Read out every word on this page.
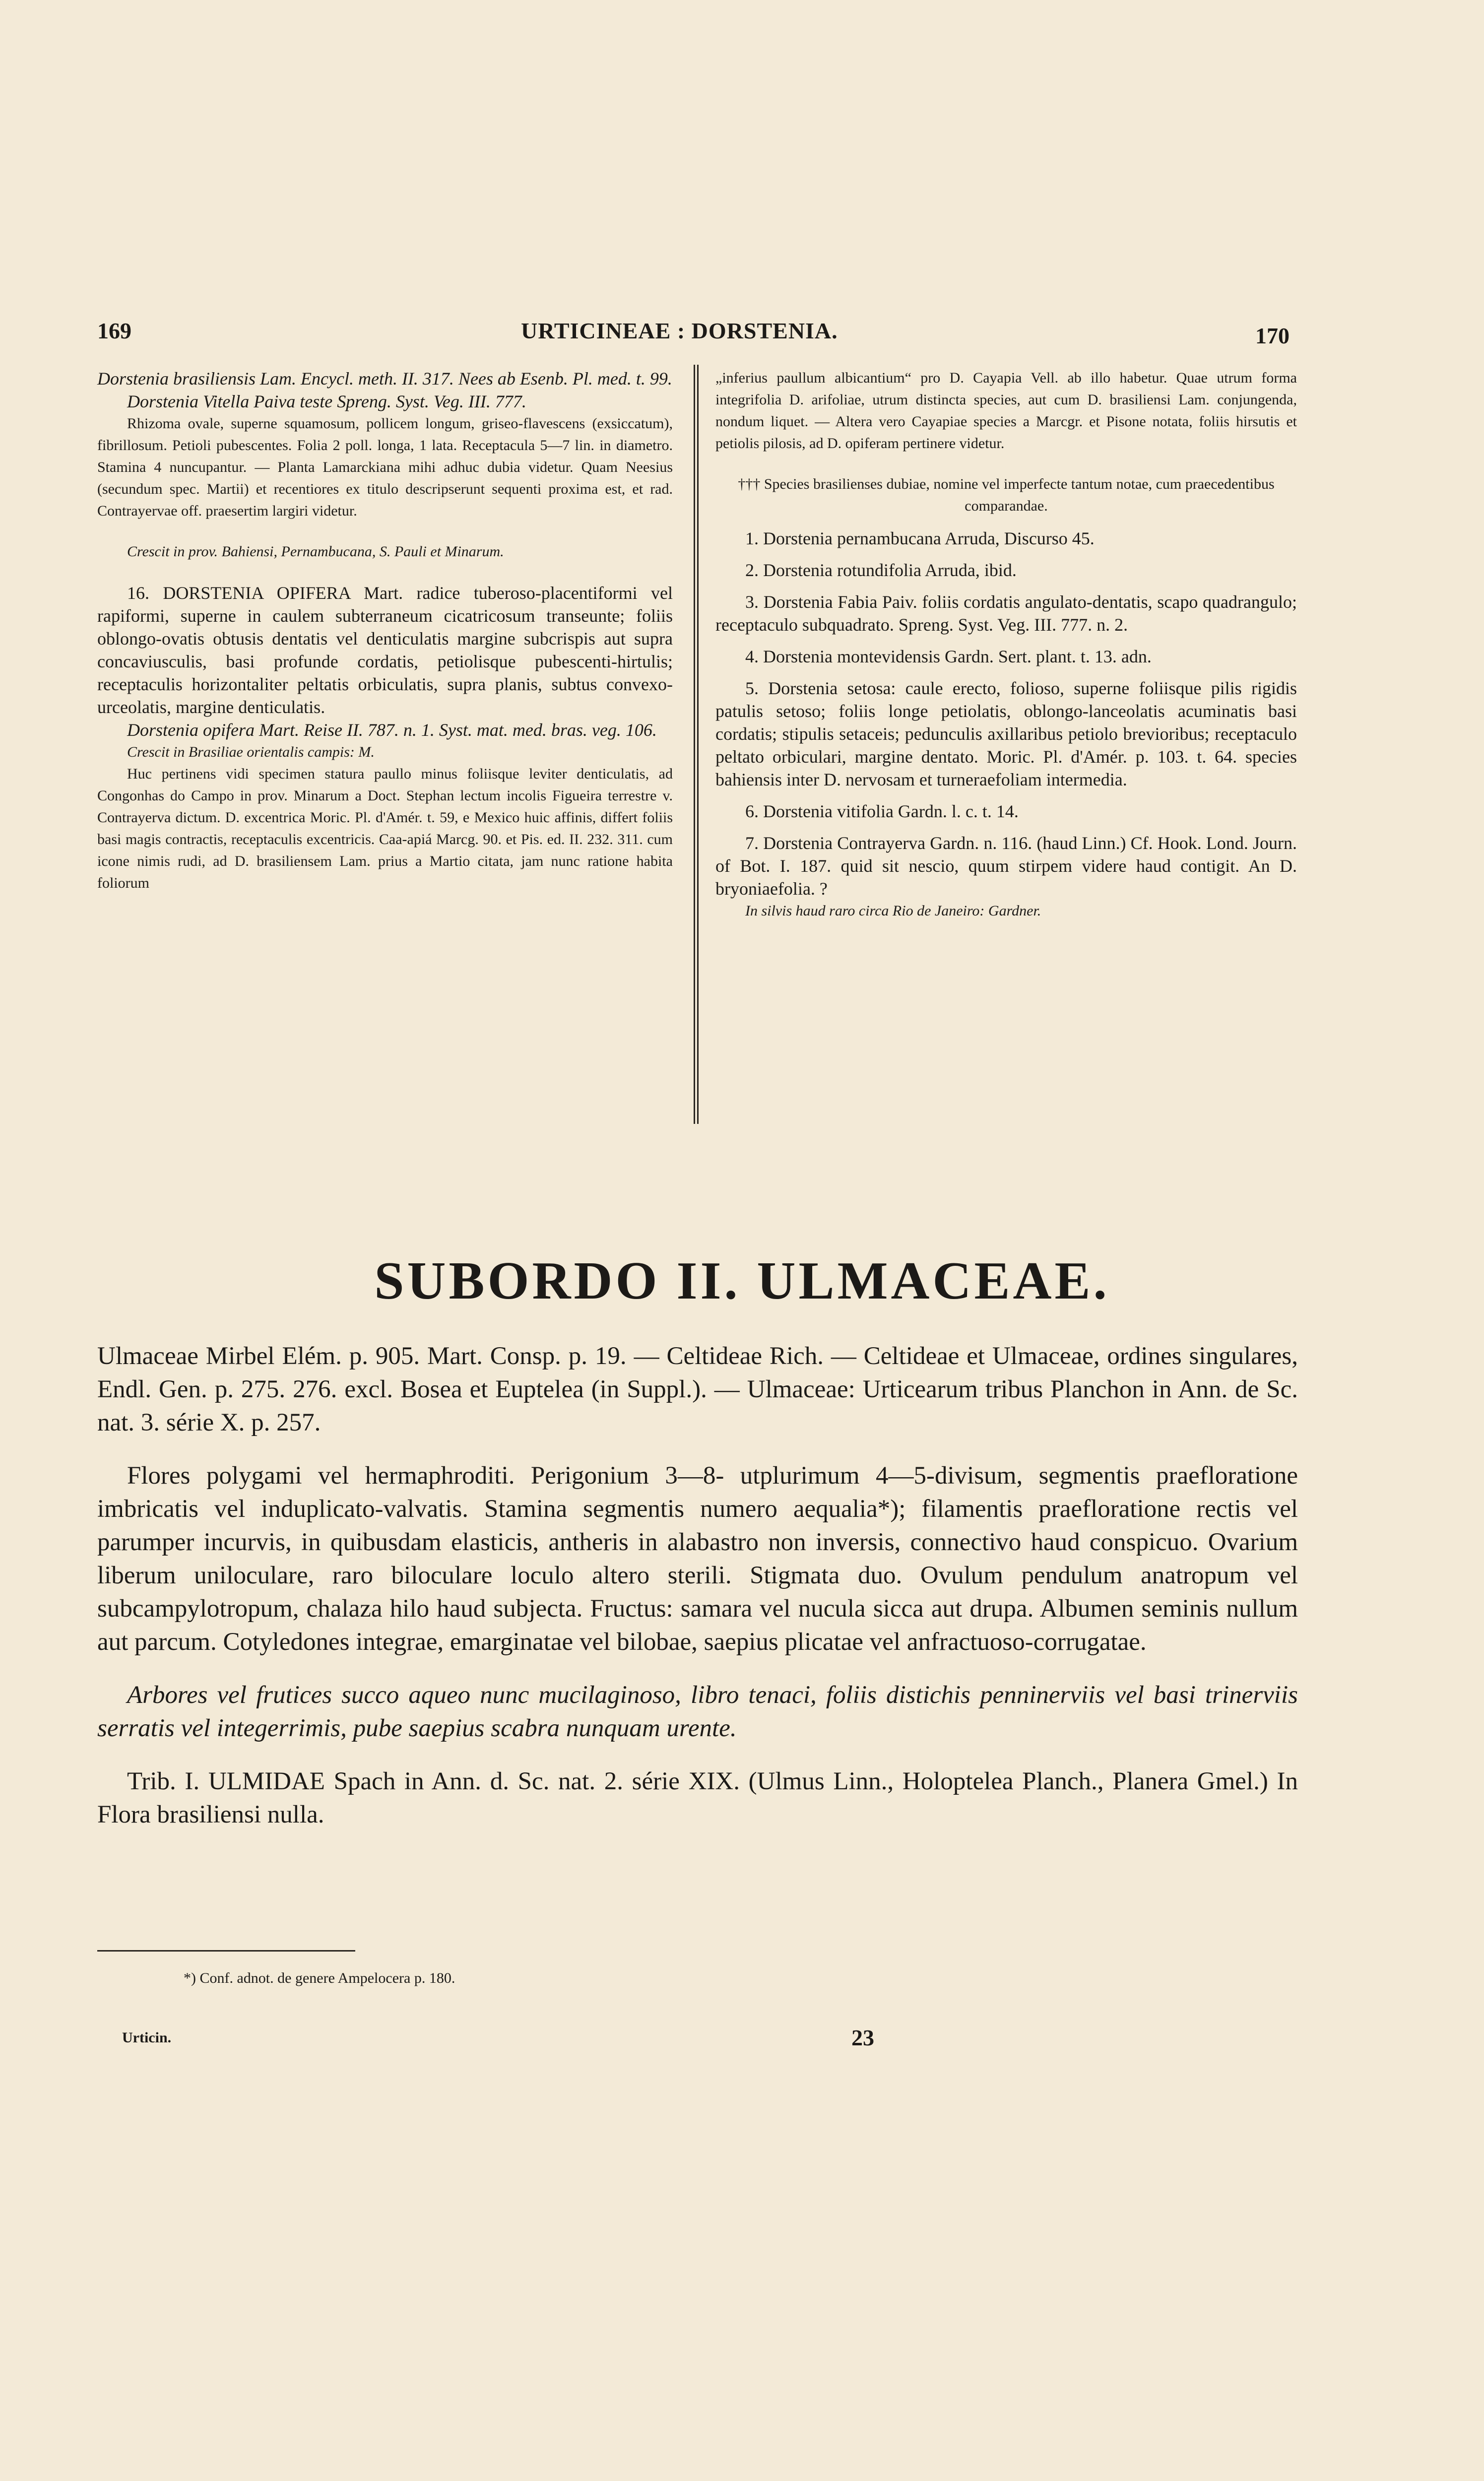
169	URTICINEAE : DORSTENIA.	170

Dorstenia brasiliensis Lam. Encycl. meth. II. 317. Nees ab Esenb. Pl. med. t. 99.

Dorstenia Vitella Paiva teste Spreng. Syst. Veg. III. 777.

Rhizoma ovale, superne squamosum, pollicem longum, griseo-flavescens (exsiccatum), fibrillosum. Petioli pubescentes. Folia 2 poll. longa, 1 lata. Receptacula 5—7 lin. in diametro. Stamina 4 nuncupantur. — Planta Lamarckiana mihi adhuc dubia videtur. Quam Neesius (secundum spec. Martii) et recentiores ex titulo descripserunt sequenti proxima est, et rad. Contrayervae off. praesertim largiri videtur.

Crescit in prov. Bahiensi, Pernambucana, S. Pauli et Minarum.

16. DORSTENIA OPIFERA Mart. radice tuberoso-placentiformi vel rapiformi, superne in caulem subterraneum cicatricosum transeunte; foliis oblongo-ovatis obtusis dentatis vel denticulatis margine subcrispis aut supra concaviusculis, basi profunde cordatis, petiolisque pubescenti-hirtulis; receptaculis horizontaliter peltatis orbiculatis, supra planis, subtus convexo-urceolatis, margine denticulatis.

Dorstenia opifera Mart. Reise II. 787. n. 1. Syst. mat. med. bras. veg. 106.

Crescit in Brasiliae orientalis campis: M.

Huc pertinens vidi specimen statura paullo minus foliisque leviter denticulatis, ad Congonhas do Campo in prov. Minarum a Doct. Stephan lectum incolis Figueira terrestre v. Contrayerva dictum. D. excentrica Moric. Pl. d'Amér. t. 59, e Mexico huic affinis, differt foliis basi magis contractis, receptaculis excentricis. Caa-apiá Marcg. 90. et Pis. ed. II. 232. 311. cum icone nimis rudi, ad D. brasiliensem Lam. prius a Martio citata, jam nunc ratione habita foliorum

„inferius paullum albicantium“ pro D. Cayapia Vell. ab illo habetur. Quae utrum forma integrifolia D. arifoliae, utrum distincta species, aut cum D. brasiliensi Lam. conjungenda, nondum liquet. — Altera vero Cayapiae species a Marcgr. et Pisone notata, foliis hirsutis et petiolis pilosis, ad D. opiferam pertinere videtur.

††† Species brasilienses dubiae, nomine vel imperfecte tantum notae, cum praecedentibus comparandae.

1. Dorstenia pernambucana Arruda, Discurso 45.

2. Dorstenia rotundifolia Arruda, ibid.

3. Dorstenia Fabia Paiv. foliis cordatis angulato-dentatis, scapo quadrangulo; receptaculo subquadrato. Spreng. Syst. Veg. III. 777. n. 2.

4. Dorstenia montevidensis Gardn. Sert. plant. t. 13. adn.

5. Dorstenia setosa: caule erecto, folioso, superne foliisque pilis rigidis patulis setoso; foliis longe petiolatis, oblongo-lanceolatis acuminatis basi cordatis; stipulis setaceis; pedunculis axillaribus petiolo brevioribus; receptaculo peltato orbiculari, margine dentato. Moric. Pl. d'Amér. p. 103. t. 64. species bahiensis inter D. nervosam et turneraefoliam intermedia.

6. Dorstenia vitifolia Gardn. l. c. t. 14.

7. Dorstenia Contrayerva Gardn. n. 116. (haud Linn.) Cf. Hook. Lond. Journ. of Bot. I. 187. quid sit nescio, quum stirpem videre haud contigit. An D. bryoniaefolia. ?

In silvis haud raro circa Rio de Janeiro: Gardner.

SUBORDO II. ULMACEAE.

Ulmaceae Mirbel Elém. p. 905. Mart. Consp. p. 19. — Celtideae Rich. — Celtideae et Ulmaceae, ordines singulares, Endl. Gen. p. 275. 276. excl. Bosea et Euptelea (in Suppl.). — Ulmaceae: Urticearum tribus Planchon in Ann. de Sc. nat. 3. série X. p. 257.

Flores polygami vel hermaphroditi. Perigonium 3—8- utplurimum 4—5-divisum, segmentis praefloratione imbricatis vel induplicato-valvatis. Stamina segmentis numero aequalia*); filamentis praefloratione rectis vel parumper incurvis, in quibusdam elasticis, antheris in alabastro non inversis, connectivo haud conspicuo. Ovarium liberum uniloculare, raro biloculare loculo altero sterili. Stigmata duo. Ovulum pendulum anatropum vel subcampylotropum, chalaza hilo haud subjecta. Fructus: samara vel nucula sicca aut drupa. Albumen seminis nullum aut parcum. Cotyledones integrae, emarginatae vel bilobae, saepius plicatae vel anfractuoso-corrugatae.

Arbores vel frutices succo aqueo nunc mucilaginoso, libro tenaci, foliis distichis penninerviis vel basi trinerviis serratis vel integerrimis, pube saepius scabra nunquam urente.

Trib. I. ULMIDAE Spach in Ann. d. Sc. nat. 2. série XIX. (Ulmus Linn., Holoptelea Planch., Planera Gmel.) In Flora brasiliensi nulla.

*) Conf. adnot. de genere Ampelocera p. 180.
Urticin.	23
